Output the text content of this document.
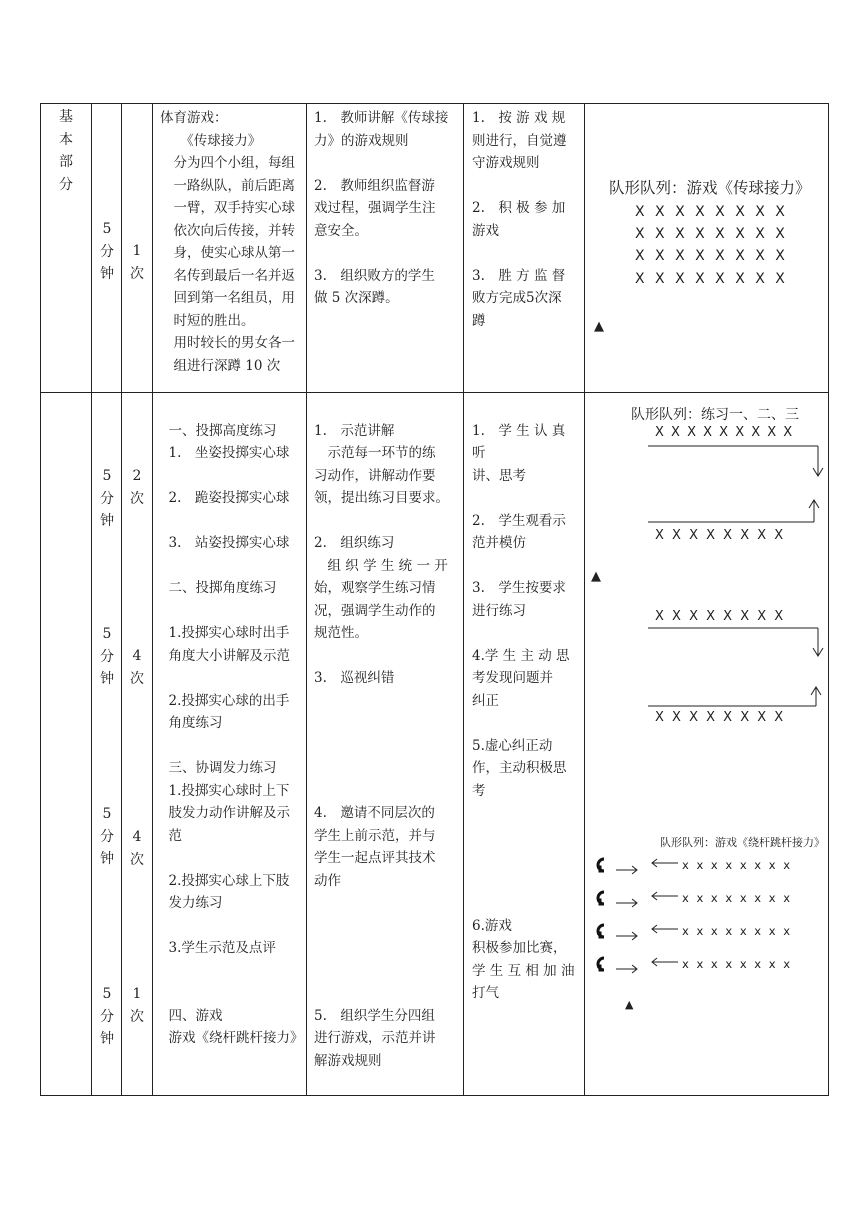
基
本
部
分
5
分
钟
1
次

体育游戏：

　　《传球接力》

　分为四个小组，每组

　一路纵队，前后距离

　一臂，双手持实心球

　依次向后传接，并转

　身，使实心球从第一

　名传到最后一名并返

　回到第一名组员，用

　时短的胜出。

　用时较长的男女各一

　组进行深蹲 10 次

1.　教师讲解《传球接

力》的游戏规则

2.　教师组织监督游

戏过程，强调学生注

意安全。

3.　组织败方的学生

做 5 次深蹲。

1.　按 游 戏 规

则进行，自觉遵

守游戏规则

2.　积 极 参 加

游戏

3.　胜 方 监 督

败方完成5次深

蹲

队形队列：游戏《传球接力》
X X X X X X X X
X X X X X X X X
X X X X X X X X
X X X X X X X X
▲
5
分
钟
2
次
5
分
钟
4
次
5
分
钟
4
次
5
分
钟
1
次

　一、投掷高度练习

　1.　坐姿投掷实心球

　2.　跪姿投掷实心球

　3.　站姿投掷实心球

　二、投掷角度练习

　1.投掷实心球时出手

　角度大小讲解及示范

　2.投掷实心球的出手

　角度练习

　三、协调发力练习

　1.投掷实心球时上下

　肢发力动作讲解及示

　范

　2.投掷实心球上下肢

　发力练习

　3.学生示范及点评

　四、游戏

　游戏《绕杆跳杆接力》

1.　示范讲解

　示范每一环节的练

习动作，讲解动作要

领，提出练习目要求。

2.　组织练习

　组 织 学 生 统 一 开

始，观察学生练习情

况，强调学生动作的

规范性。

3.　巡视纠错

4.　邀请不同层次的

学生上前示范，并与

学生一起点评其技术

动作

5.　组织学生分四组

进行游戏，示范并讲

解游戏规则

1.　学 生 认 真 听

讲、思考

2.　学生观看示

范并模仿

3.　学生按要求

进行练习

4.学 生 主 动 思

考发现问题并

纠正

5.虚心纠正动

作，主动积极思

考

6.游戏

积极参加比赛，

学 生 互 相 加 油

打气

队形队列：练习一、二、三
X X X X X X X X X
X X X X X X X X
X X X X X X X X
X X X X X X X X
▲
队形队列：游戏《绕杆跳杆接力》
x x x x x x x x
x x x x x x x x
x x x x x x x x
x x x x x x x x
▲
